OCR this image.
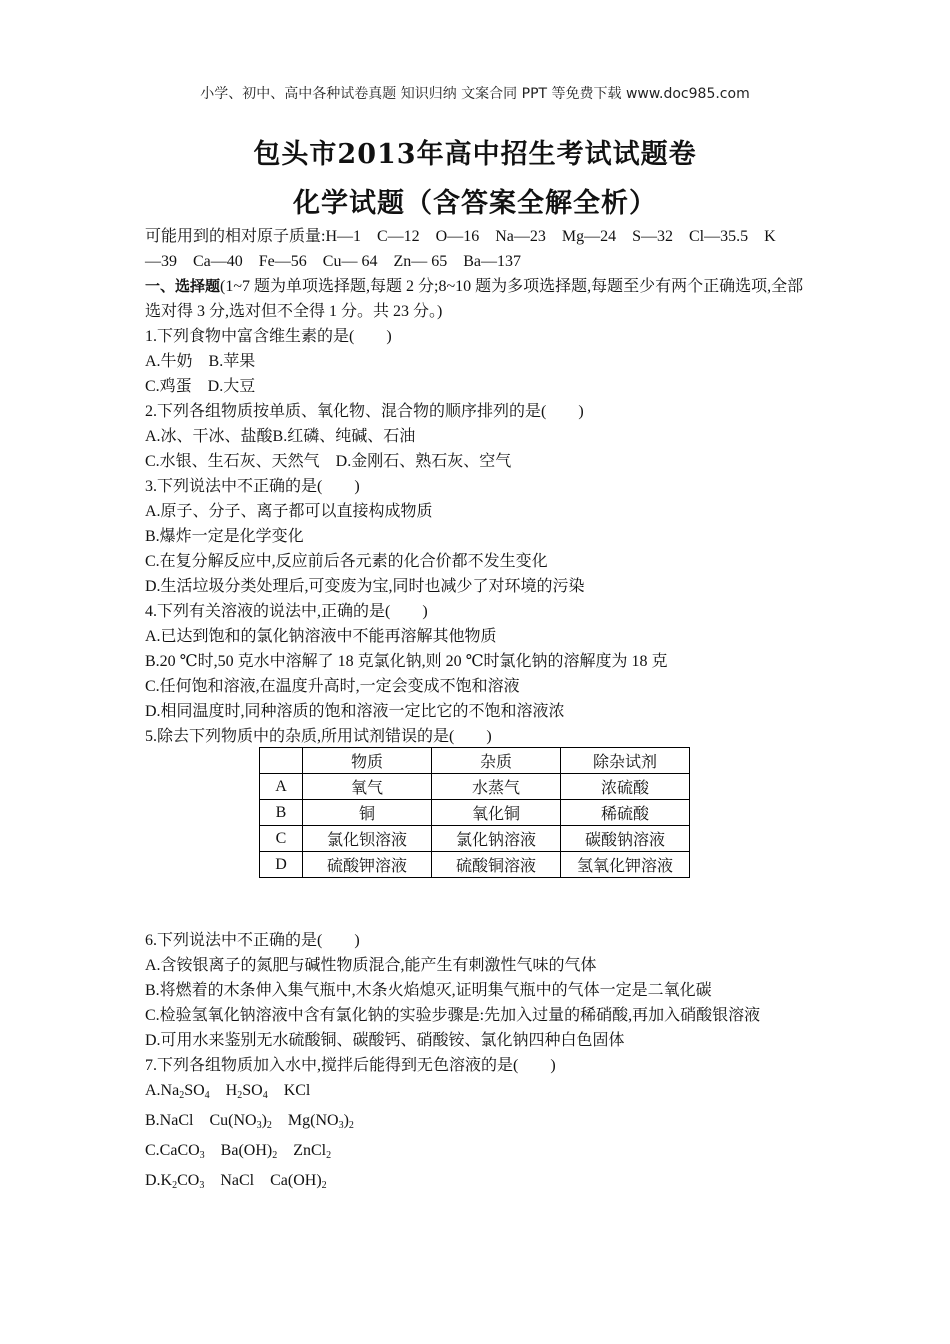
小学、初中、高中各种试卷真题 知识归纳 文案合同 PPT 等免费下载 www.doc985.com
包头市2013年高中招生考试试题卷
化学试题（含答案全解全析）
可能用到的相对原子质量:H—1　C—12　O—16　Na—23　Mg—24　S—32　Cl—35.5　K
—39　Ca—40　Fe—56　Cu— 64　Zn— 65　Ba—137
一、选择题(1~7 题为单项选择题,每题 2 分;8~10 题为多项选择题,每题至少有两个正确选项,全部选对得 3 分,选对但不全得 1 分。共 23 分。)
1.下列食物中富含维生素的是(　　)
A.牛奶　B.苹果
C.鸡蛋　D.大豆
2.下列各组物质按单质、氧化物、混合物的顺序排列的是(　　)
A.冰、干冰、盐酸B.红磷、纯碱、石油
C.水银、生石灰、天然气　D.金刚石、熟石灰、空气
3.下列说法中不正确的是(　　)
A.原子、分子、离子都可以直接构成物质
B.爆炸一定是化学变化
C.在复分解反应中,反应前后各元素的化合价都不发生变化
D.生活垃圾分类处理后,可变废为宝,同时也减少了对环境的污染
4.下列有关溶液的说法中,正确的是(　　)
A.已达到饱和的氯化钠溶液中不能再溶解其他物质
B.20 ℃时,50 克水中溶解了 18 克氯化钠,则 20 ℃时氯化钠的溶解度为 18 克
C.任何饱和溶液,在温度升高时,一定会变成不饱和溶液
D.相同温度时,同种溶质的饱和溶液一定比它的不饱和溶液浓
5.除去下列物质中的杂质,所用试剂错误的是(　　)
	物质	杂质	除杂试剂
A	氧气	水蒸气	浓硫酸
B	铜	氧化铜	稀硫酸
C	氯化钡溶液	氯化钠溶液	碳酸钠溶液
D	硫酸钾溶液	硫酸铜溶液	氢氧化钾溶液
6.下列说法中不正确的是(　　)
A.含铵银离子的氮肥与碱性物质混合,能产生有刺激性气味的气体
B.将燃着的木条伸入集气瓶中,木条火焰熄灭,证明集气瓶中的气体一定是二氧化碳
C.检验氢氧化钠溶液中含有氯化钠的实验步骤是:先加入过量的稀硝酸,再加入硝酸银溶液
D.可用水来鉴别无水硫酸铜、碳酸钙、硝酸铵、氯化钠四种白色固体
7.下列各组物质加入水中,搅拌后能得到无色溶液的是(　　)
$A.Na_2SO_4$　$H_2SO_4$　KCl
B.NaCl　$Cu(NO_3)_2$　$Mg(NO_3)_2$
C.CaCO$_3$　$Ba(OH)_2$　ZnCl$_2$
$D.K_2CO_3$　NaCl　$Ca(OH)_2$
